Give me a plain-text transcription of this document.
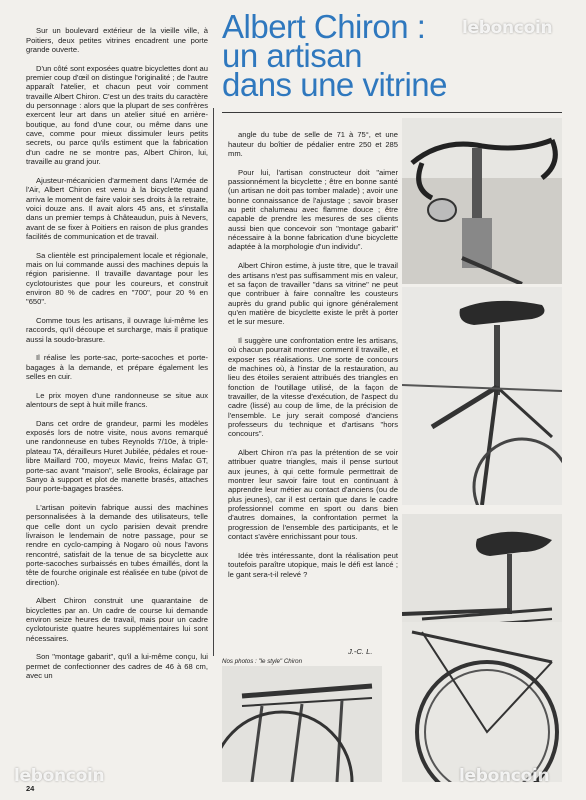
Albert Chiron :
un artisan
dans une vitrine

Sur un boulevard extérieur de la vieille ville, à Poitiers, deux petites vitrines encadrent une porte grande ouverte.

D'un côté sont exposées quatre bicyclettes dont au premier coup d'œil on distingue l'originalité ; de l'autre apparaît l'atelier, et chacun peut voir comment travaille Albert Chiron. C'est un des traits du caractère du personnage : alors que la plupart de ses confrères exercent leur art dans un atelier situé en arrière-boutique, au fond d'une cour, ou même dans une cave, comme pour mieux dissimuler leurs petits secrets, ou parce qu'ils estiment que la fabrication d'un cadre ne se montre pas, Albert Chiron, lui, travaille au grand jour.

Ajusteur-mécanicien d'armement dans l'Armée de l'Air, Albert Chiron est venu à la bicyclette quand arriva le moment de faire valoir ses droits à la retraite, voici douze ans. Il avait alors 45 ans, et s'installa dans un premier temps à Châteaudun, puis à Nevers, avant de se fixer à Poitiers en raison de plus grandes facilités de communication et de travail.

Sa clientèle est principalement locale et régionale, mais on lui commande aussi des machines depuis la région parisienne. Il travaille davantage pour les cyclotouristes que pour les coureurs, et construit environ 80 % de cadres en "700", pour 20 % en "650".

Comme tous les artisans, il ouvrage lui-même les raccords, qu'il découpe et surcharge, mais il pratique aussi la soudo-brasure.

Il réalise les porte-sac, porte-sacoches et porte-bagages à la demande, et prépare également les selles en cuir.

Le prix moyen d'une randonneuse se situe aux alentours de sept à huit mille francs.

Dans cet ordre de grandeur, parmi les modèles exposés lors de notre visite, nous avons remarqué une randonneuse en tubes Reynolds 7/10e, à triple-plateau TA, dérailleurs Huret Jubilée, pédales et roue-libre Maillard 700, moyeux Mavic, freins Mafac GT, porte-sac avant "maison", selle Brooks, éclairage par Sanyo à support et plot de manette brasés, attaches pour porte-bagages brasées.

L'artisan poitevin fabrique aussi des machines personnalisées à la demande des utilisateurs, telle que celle dont un cyclo parisien devait prendre livraison le lendemain de notre passage, pour se rendre en cyclo-camping à Nogaro où nous l'avons rencontré, satisfait de la tenue de sa bicyclette aux porte-sacoches surbaissés en tubes émaillés, dont la tête de fourche originale est réalisée en tube (pivot de direction).

Albert Chiron construit une quarantaine de bicyclettes par an. Un cadre de course lui demande environ seize heures de travail, mais pour un cadre cyclotouriste quatre heures supplémentaires lui sont nécessaires.

Son "montage gabarit", qu'il a lui-même conçu, lui permet de confectionner des cadres de 46 à 68 cm, avec un

angle du tube de selle de 71 à 75°, et une hauteur du boîtier de pédalier entre 250 et 285 mm.

Pour lui, l'artisan constructeur doit "aimer passionnément la bicyclette ; être en bonne santé (un artisan ne doit pas tomber malade) ; avoir une bonne connaissance de l'ajustage ; savoir braser au petit chalumeau avec flamme douce ; être capable de prendre les mesures de ses clients aussi bien que concevoir son "montage gabarit" nécessaire à la bonne fabrication d'une bicyclette adaptée à la morphologie d'un individu".

Albert Chiron estime, à juste titre, que le travail des artisans n'est pas suffisamment mis en valeur, et sa façon de travailler "dans sa vitrine" ne peut que contribuer à faire connaître les cousteurs auprès du grand public qui ignore généralement qu'en matière de bicyclette existe le prêt à porter et le sur mesure.

Il suggère une confrontation entre les artisans, où chacun pourrait montrer comment il travaille, et exposer ses réalisations. Une sorte de concours de machines où, à l'instar de la restauration, au lieu des étoiles seraient attribués des triangles en fonction de l'outillage utilisé, de la façon de travailler, de la vitesse d'exécution, de l'aspect du cadre (lissé) au coup de lime, de la précision de l'ensemble. Le jury serait composé d'anciens professeurs du technique et d'artisans "hors concours".

Albert Chiron n'a pas la prétention de se voir attribuer quatre triangles, mais il pense surtout aux jeunes, à qui cette formule permettrait de montrer leur savoir faire tout en continuant à apprendre leur métier au contact d'anciens (ou de plus jeunes), car il est certain que dans le cadre professionnel comme en sport ou dans bien d'autres domaines, la confrontation permet la progression de l'ensemble des participants, et le contact s'avère enrichissant pour tous.

Idée très intéressante, dont la réalisation peut toutefois paraître utopique, mais le défi est lancé ; le gant sera-t-il relevé ?

J.-C. L.
Nos photos : "le style" Chiron
24
leboncoin
leboncoin	leboncoin
